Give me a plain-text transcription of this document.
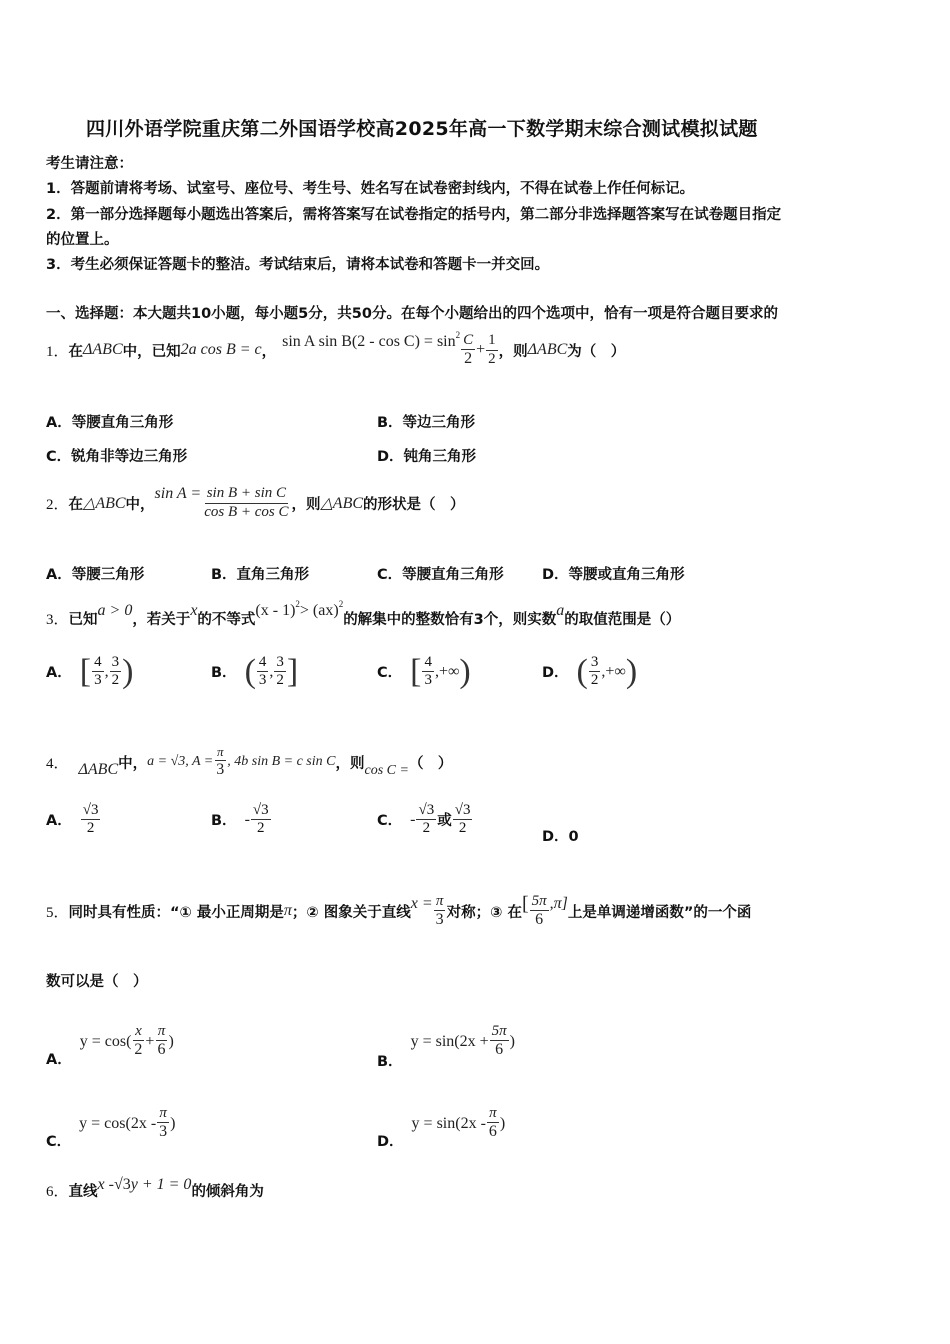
四川外语学院重庆第二外国语学校高2025年高一下数学期末综合测试模拟试题
考生请注意：
1．答题前请将考场、试室号、座位号、考生号、姓名写在试卷密封线内，不得在试卷上作任何标记。
2．第一部分选择题每小题选出答案后，需将答案写在试卷指定的括号内，第二部分非选择题答案写在试卷题目指定
的位置上。
3．考生必须保证答题卡的整洁。考试结束后，请将本试卷和答题卡一并交回。
一、选择题：本大题共10小题，每小题5分，共50分。在每个小题给出的四个选项中，恰有一项是符合题目要求的
1． 在 ΔABC 中，已知 2a cos B = c ，
sin A $\sin B(2 - \cos C) = \sin^2 \frac{C}{2} + \frac{1}{2}$ ，则 ΔABC 为（　）
A．等腰直角三角形	B．等边三角形
C．锐角非等边三角形	D．钝角三角形
2． 在 △ABC 中，
$\sin A = \frac{\text{sin B + sin C}}{\text{cos B + cos C}}$ ，则 △ABC 的形状是（　）
A．等腰三角形	B．直角三角形	C．等腰直角三角形	D．等腰或直角三角形
3． 已知
a > 0
，若关于
x
的不等式
(x - 1)$^2$ > (ax)$^2$
的解集中的整数恰有3个，则实数
a
的取值范围是（）
A． [ $\frac{4}{3}$ , $\frac{3}{2}$ )	B． ( $\frac{4}{3}$ , $\frac{3}{2}$ ]	C． [ $\frac{4}{3}$ ,+∞ )	D． ( $\frac{3}{2}$ ,+∞ )
4． ΔABC 中， a = √3, $A = \frac{\pi}{3}$ , 4b sin B = c sin C ，则 cos C = （　）
A． $\frac{√3}{2}$	B． - $\frac{√3}{2}$	C． - $\frac{√3}{2}$ 或 $\frac{√3}{2}$	D．0
5． 同时具有性质：“① 最小正周期是 π ；② 图象关于直线
$x = \frac{\pi}{3}$ 对称；③ 在 [ $\frac{5\pi}{6} ,\pi$]
上是单调递增函数”的一个函
数可以是（　）
A．
$y = \cos( \frac{x}{2} + \frac{\pi}{6}$ )
B．
$y = \sin(2x + \frac{5\pi}{6}$ )
C．
$y = \cos(2x - \frac{\pi}{3}$ )
D．
$y = \sin(2x - \frac{\pi}{6}$ )
6． 直线 x - √3 y + 1 = 0 的倾斜角为
